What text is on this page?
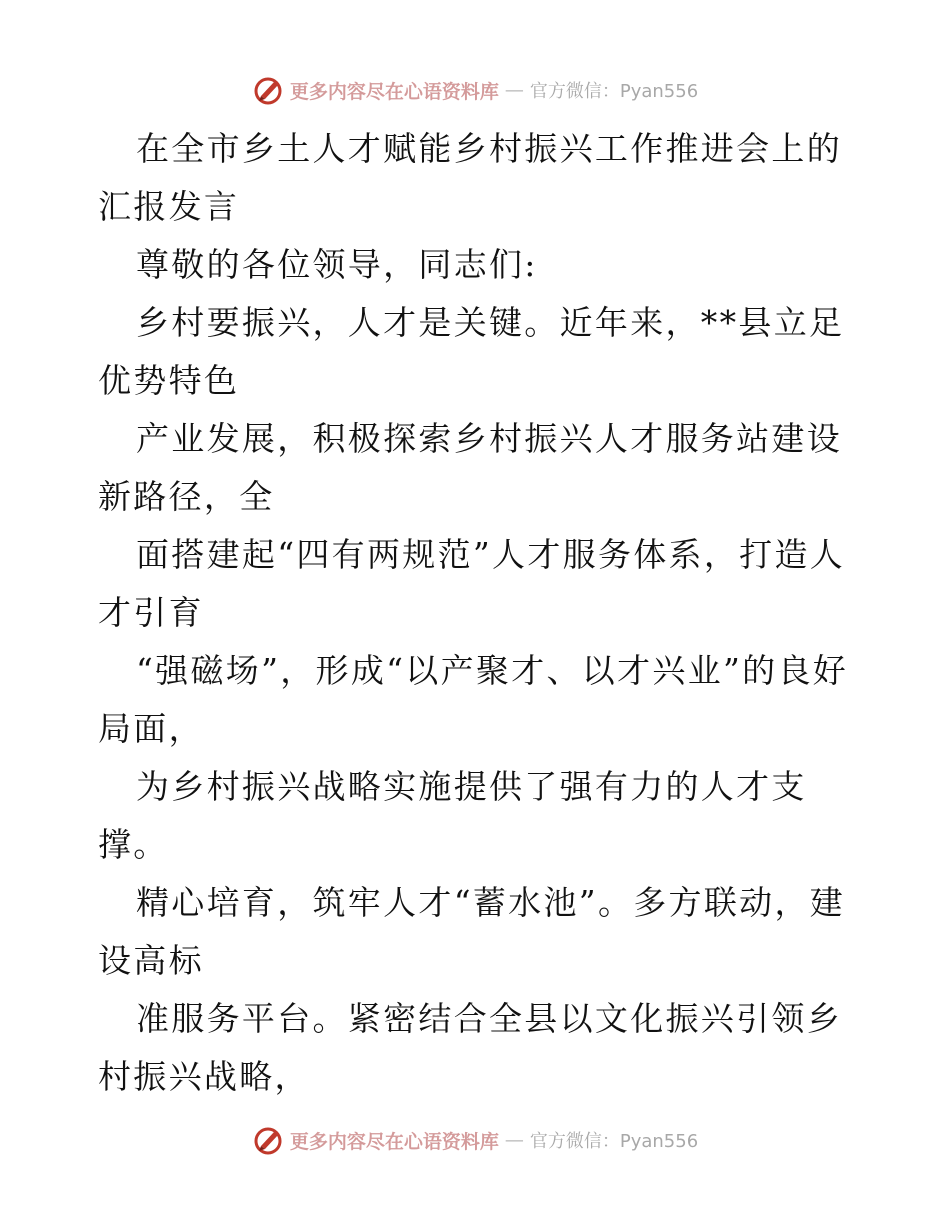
更多内容尽在心语资料库 — 官方微信：Pyan556

在全市乡土人才赋能乡村振兴工作推进会上的汇报发言

尊敬的各位领导，同志们:

乡村要振兴，人才是关键。近年来，**县立足优势特色

产业发展，积极探索乡村振兴人才服务站建设新路径，全

面搭建起“四有两规范”人才服务体系，打造人才引育

“强磁场”，形成“以产聚才、以才兴业”的良好局面，

为乡村振兴战略实施提供了强有力的人才支撑。

精心培育，筑牢人才“蓄水池”。多方联动，建设高标

准服务平台。紧密结合全县以文化振兴引领乡村振兴战略，

更多内容尽在心语资料库 — 官方微信：Pyan556
